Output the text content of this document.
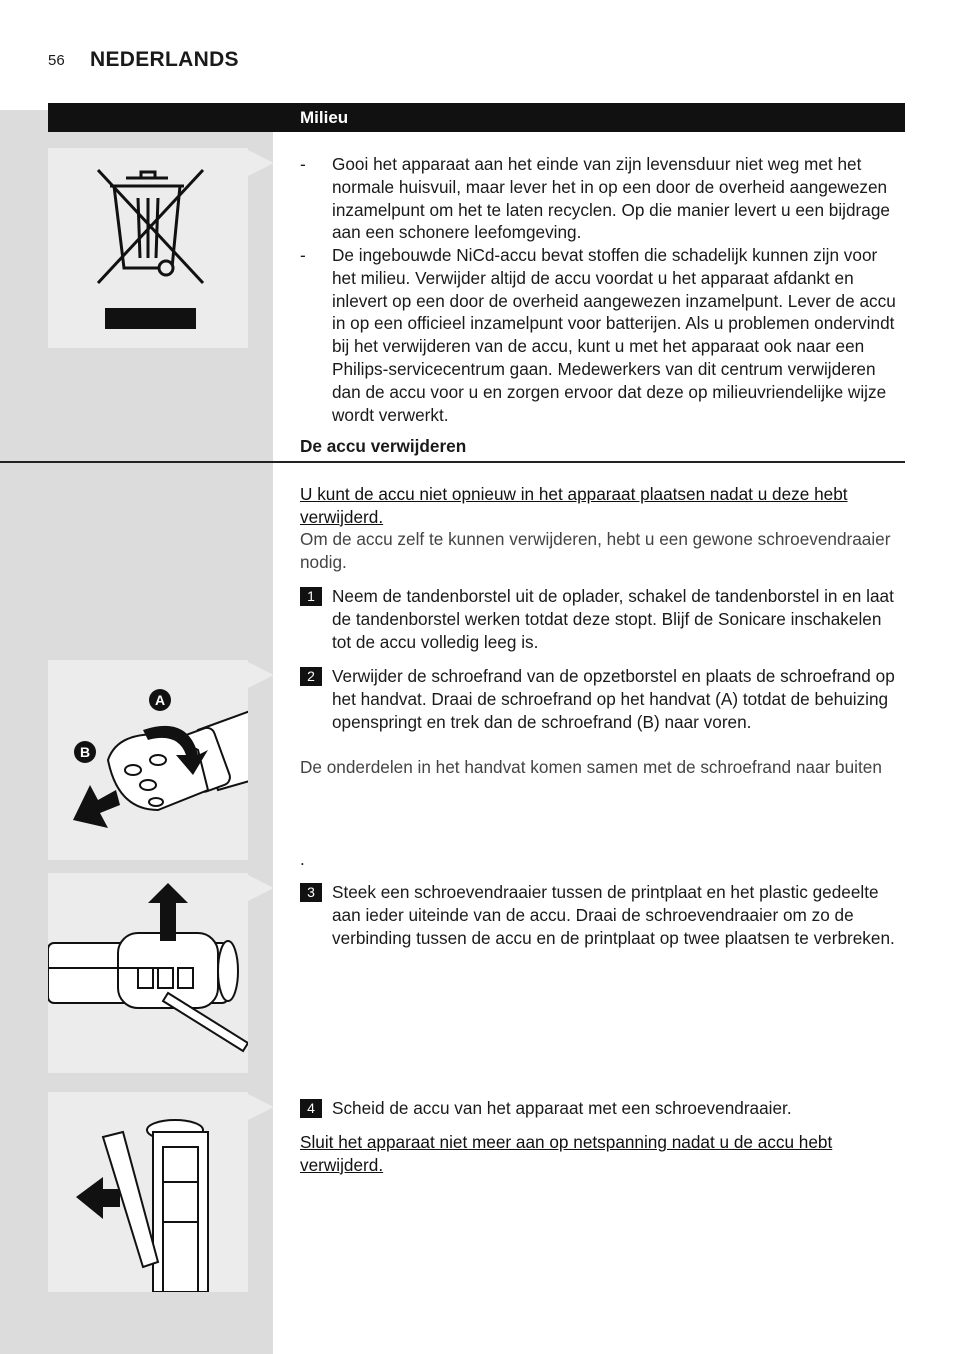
56 NEDERLANDS
Milieu
- Gooi het apparaat aan het einde van zijn levensduur niet weg met het normale huisvuil, maar lever het in op een door de overheid aangewezen inzamelpunt om het te laten recyclen. Op die manier levert u een bijdrage aan een schonere leefomgeving.
- De ingebouwde NiCd-accu bevat stoffen die schadelijk kunnen zijn voor het milieu. Verwijder altijd de accu voordat u het apparaat afdankt en inlevert op een door de overheid aangewezen inzamelpunt. Lever de accu in op een officieel inzamelpunt voor batterijen. Als u problemen ondervindt bij het verwijderen van de accu, kunt u met het apparaat ook naar een Philips-servicecentrum gaan. Medewerkers van dit centrum verwijderen dan de accu voor u en zorgen ervoor dat deze op milieuvriendelijke wijze wordt verwerkt.
De accu verwijderen
U kunt de accu niet opnieuw in het apparaat plaatsen nadat u deze hebt verwijderd.
Om de accu zelf te kunnen verwijderen, hebt u een gewone schroevendraaier nodig.
1 Neem de tandenborstel uit de oplader, schakel de tandenborstel in en laat de tandenborstel werken totdat deze stopt. Blijf de Sonicare inschakelen tot de accu volledig leeg is.
A
B
2 Verwijder de schroefrand van de opzetborstel en plaats de schroefrand op het handvat. Draai de schroefrand op het handvat (A) totdat de behuizing openspringt en trek dan de schroefrand (B) naar voren.
De onderdelen in het handvat komen samen met de schroefrand naar buiten
.
3 Steek een schroevendraaier tussen de printplaat en het plastic gedeelte aan ieder uiteinde van de accu. Draai de schroevendraaier om zo de verbinding tussen de accu en de printplaat op twee plaatsen te verbreken.
4 Scheid de accu van het apparaat met een schroevendraaier.
Sluit het apparaat niet meer aan op netspanning nadat u de accu hebt verwijderd.
